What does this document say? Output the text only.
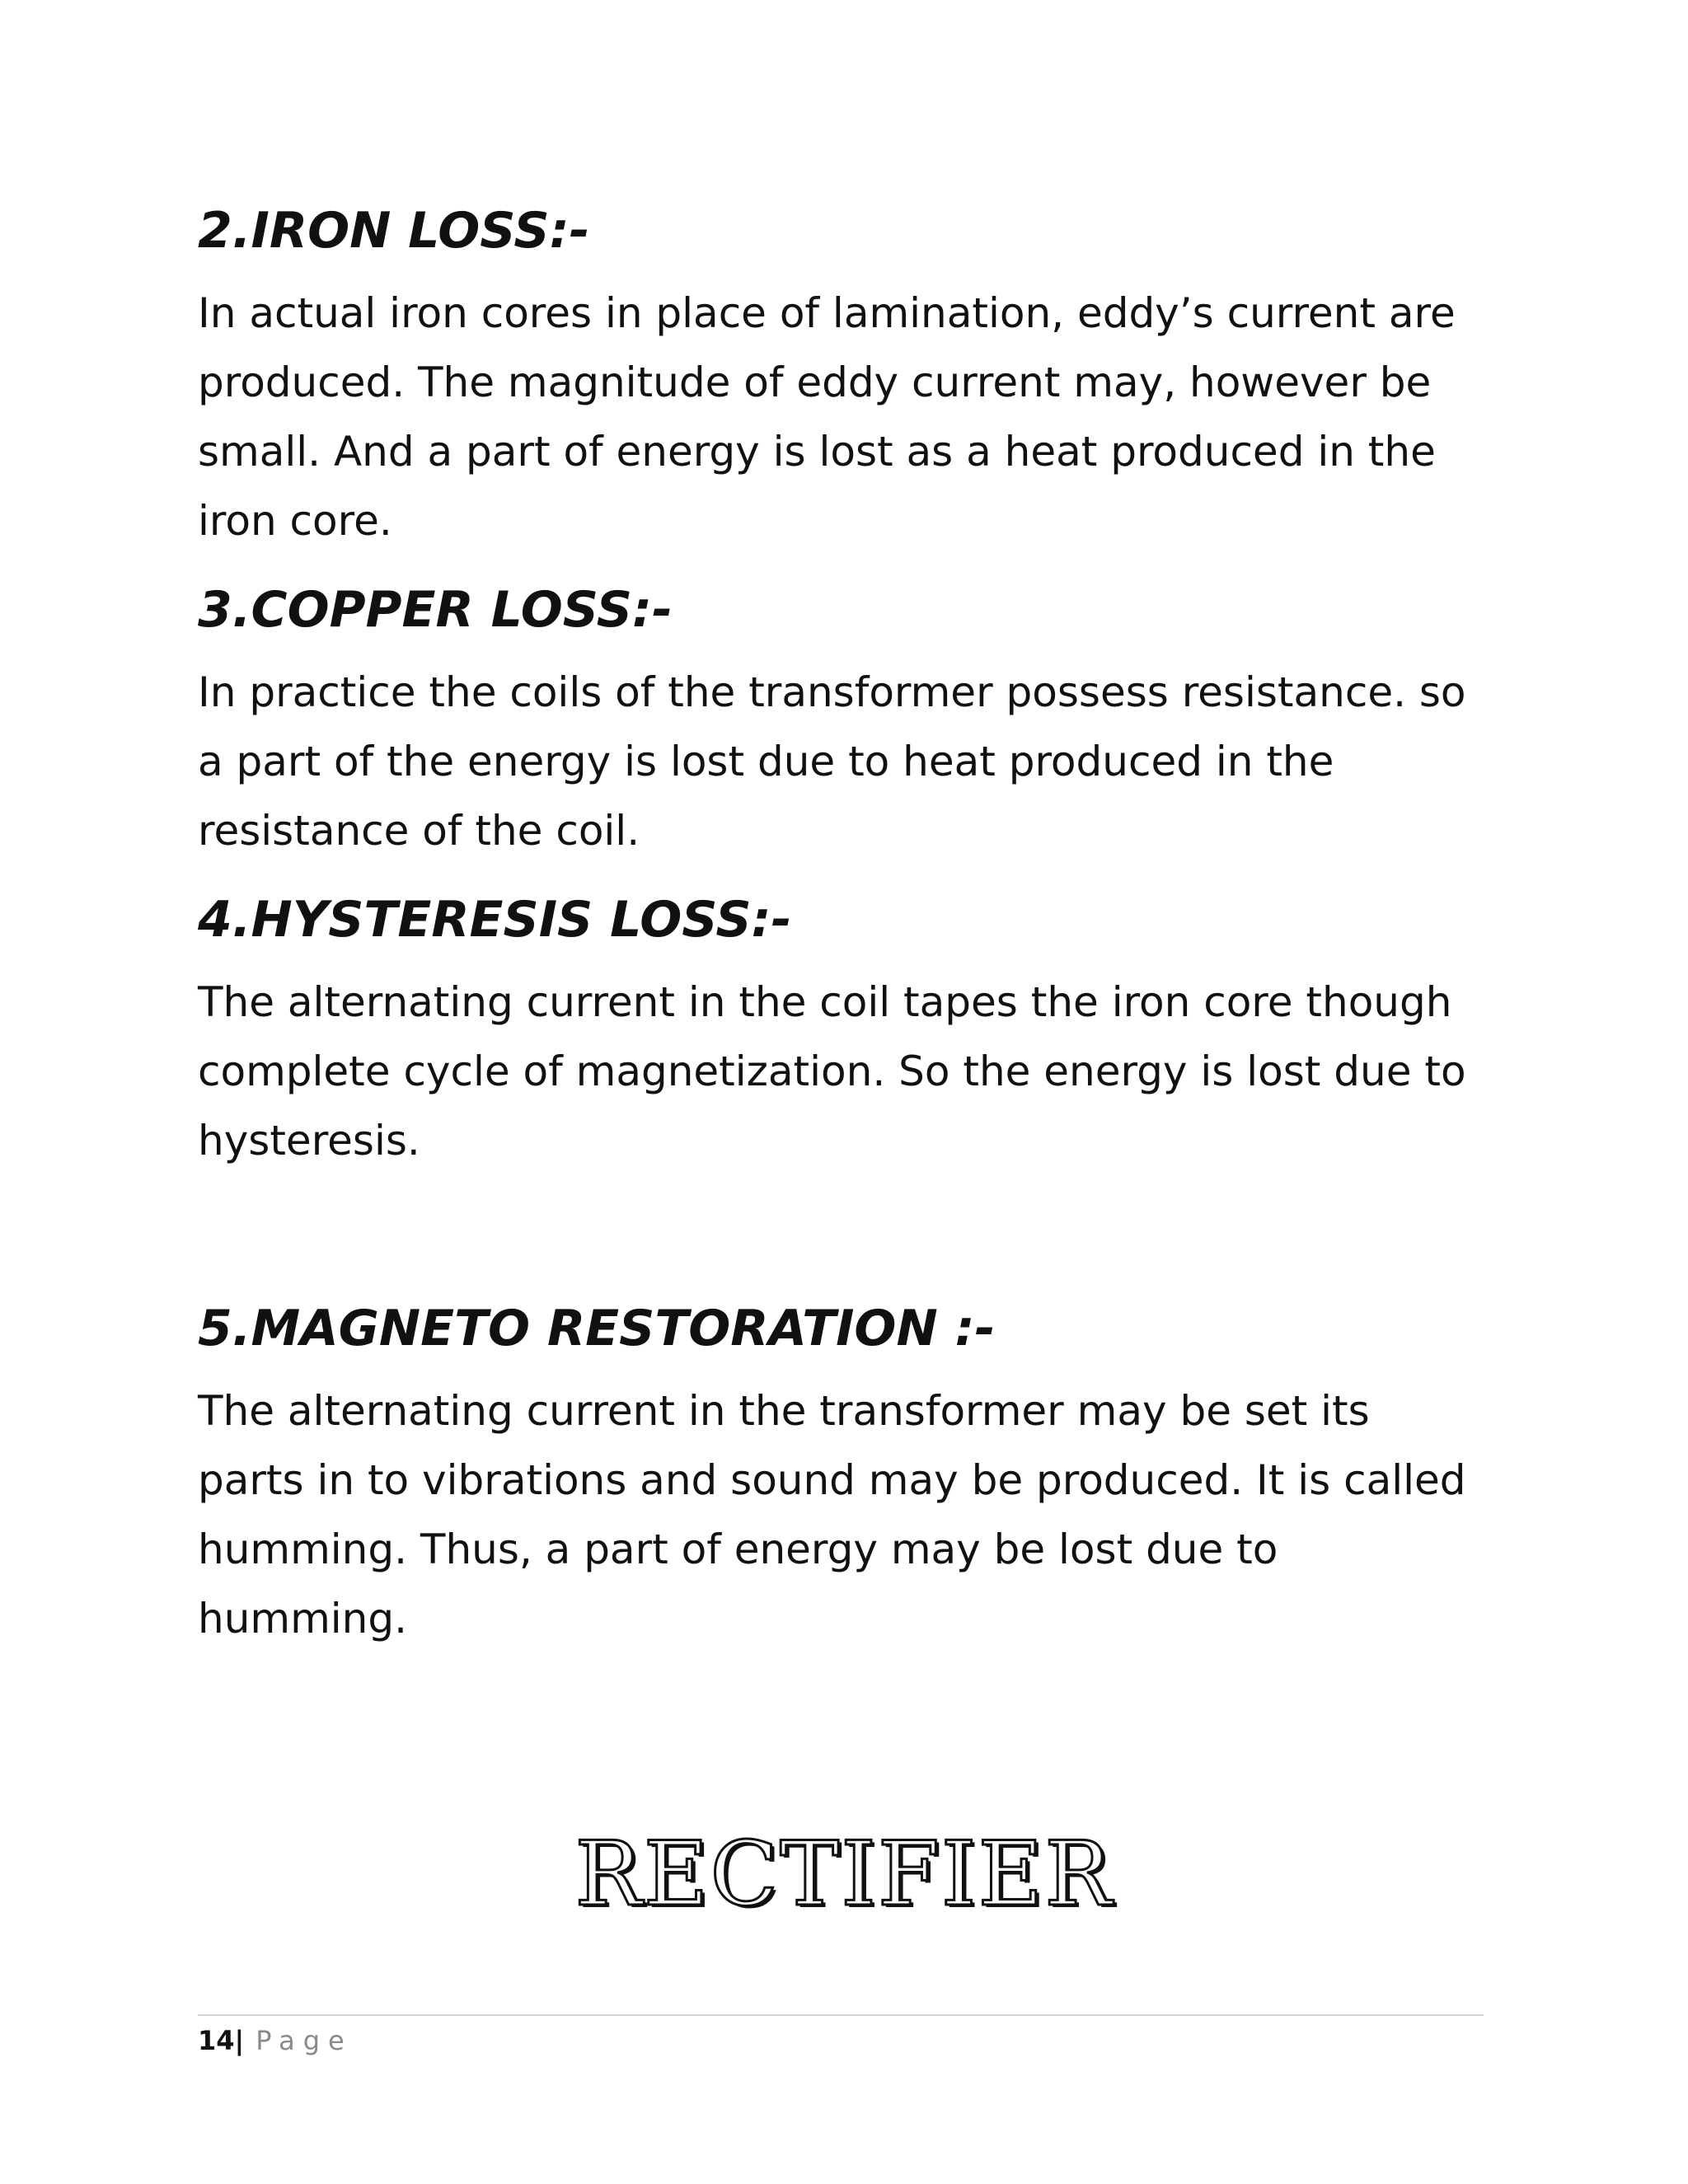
2.IRON LOSS:-

In actual iron cores in place of lamination, eddy’s current are
produced. The magnitude of eddy current may, however be
small. And a part of energy is lost as a heat produced in the
iron core.

3.COPPER LOSS:-

In practice the coils of the transformer possess resistance. so
a part of the energy is lost due to heat produced in the
resistance of the coil.

4.HYSTERESIS LOSS:-

The alternating current in the coil tapes the iron core though
complete cycle of magnetization. So the energy is lost due to
hysteresis.

5.MAGNETO RESTORATION :-

The alternating current in the transformer may be set its
parts in to vibrations and sound may be produced. It is called
humming. Thus, a part of energy may be lost due to
humming.

RECTIFIER
14| Page
